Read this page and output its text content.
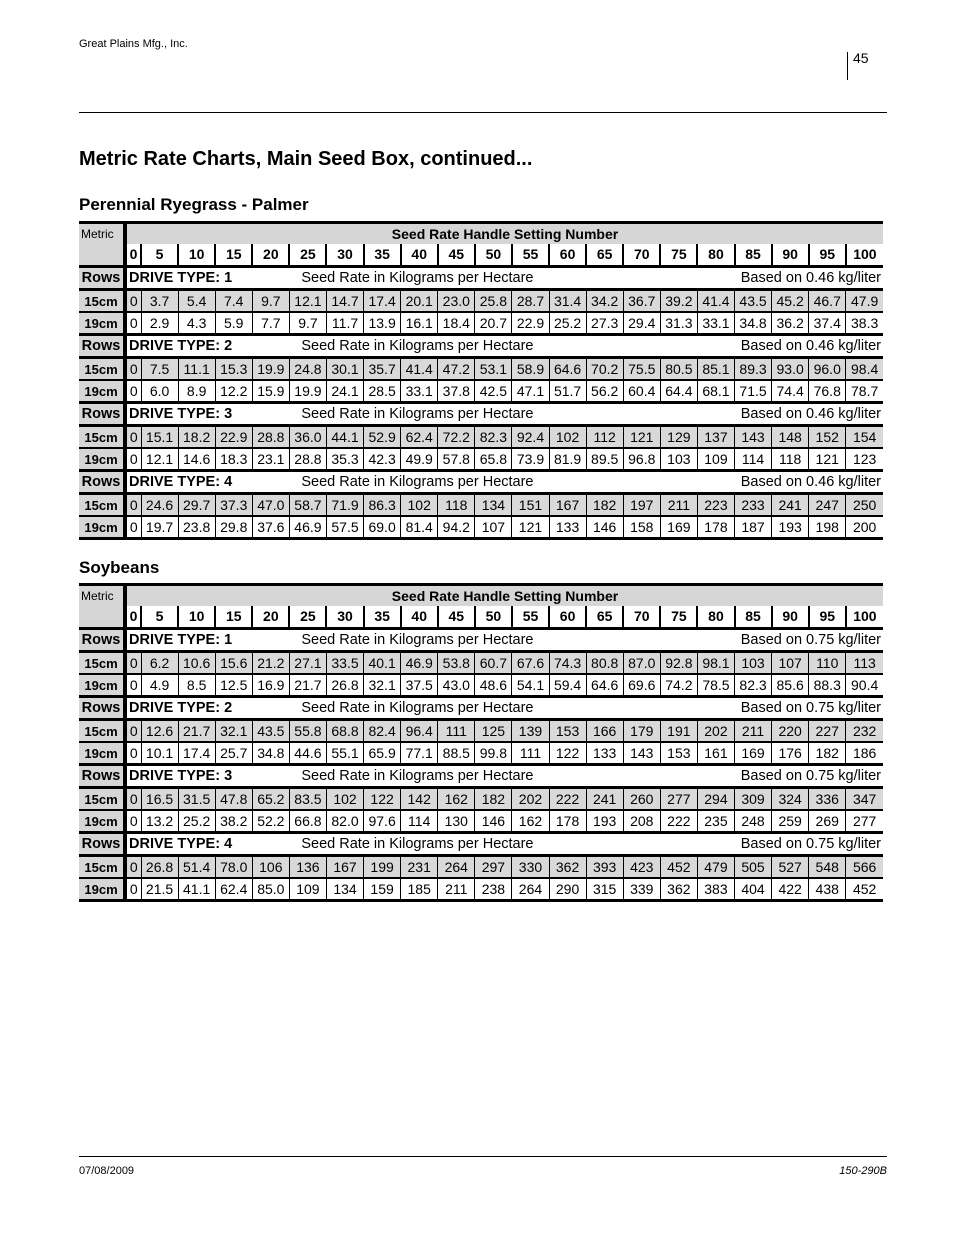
Great Plains Mfg., Inc.
45
Metric Rate Charts, Main Seed Box, continued...
Perennial Ryegrass - Palmer
Metric	Seed Rate Handle Setting Number																				
	0	5	10	15	20	25	30	35	40	45	50	55	60	65	70	75	80	85	90	95	100
Rows	DRIVE TYPE: 1					Seed Rate in Kilograms per Hectare									Based on 0.46 kg/liter						
15cm	0	3.7	5.4	7.4	9.7	12.1	14.7	17.4	20.1	23.0	25.8	28.7	31.4	34.2	36.7	39.2	41.4	43.5	45.2	46.7	47.9
19cm	0	2.9	4.3	5.9	7.7	9.7	11.7	13.9	16.1	18.4	20.7	22.9	25.2	27.3	29.4	31.3	33.1	34.8	36.2	37.4	38.3
Rows	DRIVE TYPE: 2					Seed Rate in Kilograms per Hectare									Based on 0.46 kg/liter						
15cm	0	7.5	11.1	15.3	19.9	24.8	30.1	35.7	41.4	47.2	53.1	58.9	64.6	70.2	75.5	80.5	85.1	89.3	93.0	96.0	98.4
19cm	0	6.0	8.9	12.2	15.9	19.9	24.1	28.5	33.1	37.8	42.5	47.1	51.7	56.2	60.4	64.4	68.1	71.5	74.4	76.8	78.7
Rows	DRIVE TYPE: 3					Seed Rate in Kilograms per Hectare									Based on 0.46 kg/liter						
15cm	0	15.1	18.2	22.9	28.8	36.0	44.1	52.9	62.4	72.2	82.3	92.4	102	112	121	129	137	143	148	152	154
19cm	0	12.1	14.6	18.3	23.1	28.8	35.3	42.3	49.9	57.8	65.8	73.9	81.9	89.5	96.8	103	109	114	118	121	123
Rows	DRIVE TYPE: 4					Seed Rate in Kilograms per Hectare									Based on 0.46 kg/liter						
15cm	0	24.6	29.7	37.3	47.0	58.7	71.9	86.3	102	118	134	151	167	182	197	211	223	233	241	247	250
19cm	0	19.7	23.8	29.8	37.6	46.9	57.5	69.0	81.4	94.2	107	121	133	146	158	169	178	187	193	198	200
Soybeans
Metric	Seed Rate Handle Setting Number																				
	0	5	10	15	20	25	30	35	40	45	50	55	60	65	70	75	80	85	90	95	100
Rows	DRIVE TYPE: 1					Seed Rate in Kilograms per Hectare									Based on 0.75 kg/liter						
15cm	0	6.2	10.6	15.6	21.2	27.1	33.5	40.1	46.9	53.8	60.7	67.6	74.3	80.8	87.0	92.8	98.1	103	107	110	113
19cm	0	4.9	8.5	12.5	16.9	21.7	26.8	32.1	37.5	43.0	48.6	54.1	59.4	64.6	69.6	74.2	78.5	82.3	85.6	88.3	90.4
Rows	DRIVE TYPE: 2					Seed Rate in Kilograms per Hectare									Based on 0.75 kg/liter						
15cm	0	12.6	21.7	32.1	43.5	55.8	68.8	82.4	96.4	111	125	139	153	166	179	191	202	211	220	227	232
19cm	0	10.1	17.4	25.7	34.8	44.6	55.1	65.9	77.1	88.5	99.8	111	122	133	143	153	161	169	176	182	186
Rows	DRIVE TYPE: 3					Seed Rate in Kilograms per Hectare									Based on 0.75 kg/liter						
15cm	0	16.5	31.5	47.8	65.2	83.5	102	122	142	162	182	202	222	241	260	277	294	309	324	336	347
19cm	0	13.2	25.2	38.2	52.2	66.8	82.0	97.6	114	130	146	162	178	193	208	222	235	248	259	269	277
Rows	DRIVE TYPE: 4					Seed Rate in Kilograms per Hectare									Based on 0.75 kg/liter						
15cm	0	26.8	51.4	78.0	106	136	167	199	231	264	297	330	362	393	423	452	479	505	527	548	566
19cm	0	21.5	41.1	62.4	85.0	109	134	159	185	211	238	264	290	315	339	362	383	404	422	438	452
07/08/2009	150-290B
